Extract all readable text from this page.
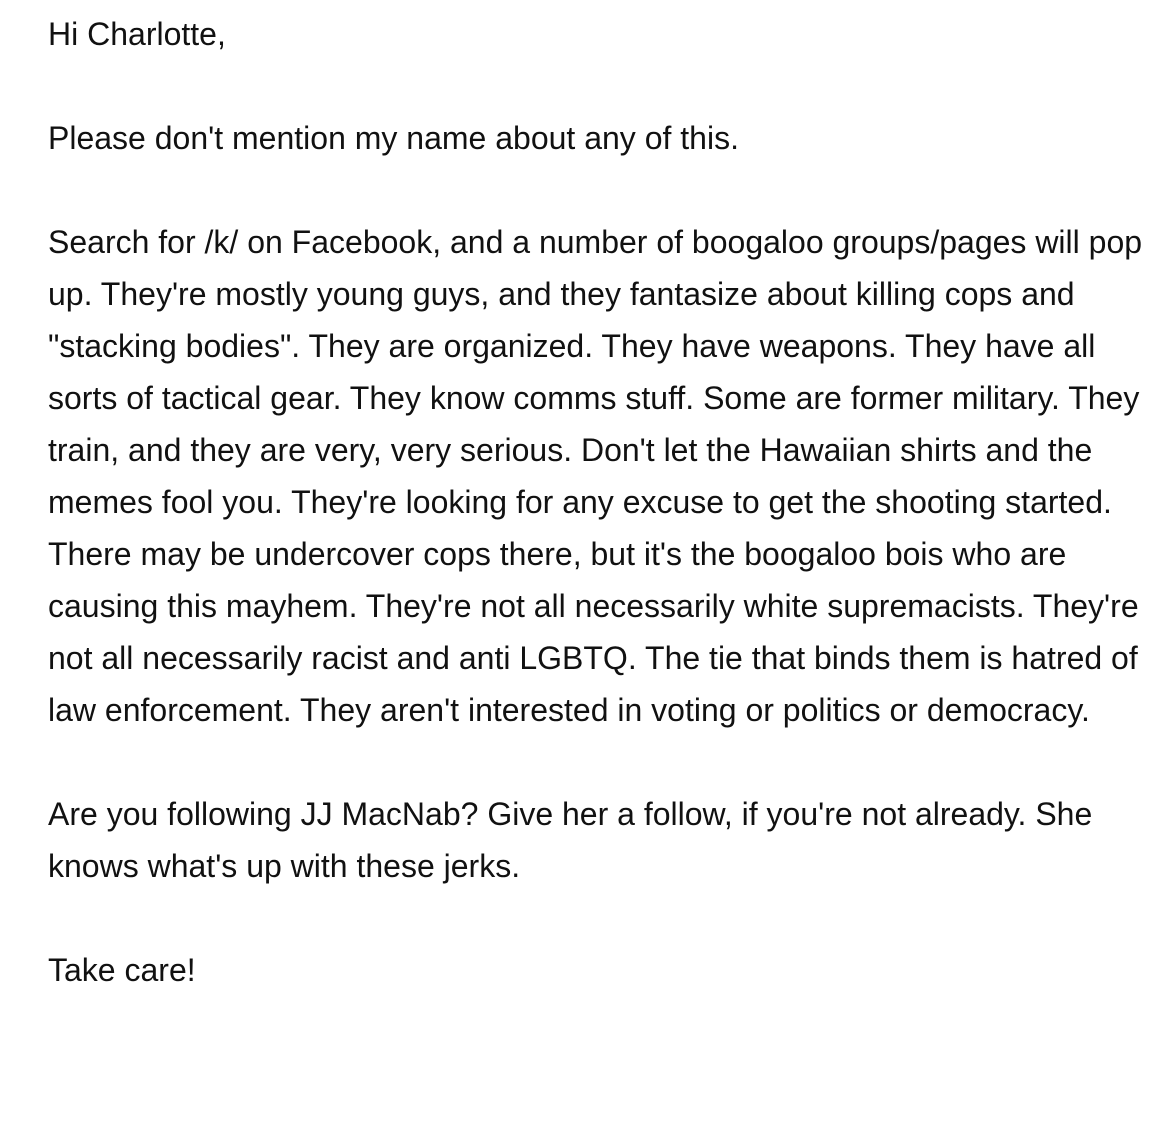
Hi Charlotte,

Please don't mention my name about any of this.

Search for /k/ on Facebook, and a number of boogaloo groups/pages will pop up. They're mostly young guys, and they fantasize about killing cops and "stacking bodies". They are organized. They have weapons. They have all sorts of tactical gear. They know comms stuff. Some are former military. They train, and they are very, very serious. Don't let the Hawaiian shirts and the memes fool you. They're looking for any excuse to get the shooting started. There may be undercover cops there, but it's the boogaloo bois who are causing this mayhem. They're not all necessarily white supremacists. They're not all necessarily racist and anti LGBTQ. The tie that binds them is hatred of law enforcement. They aren't interested in voting or politics or democracy.

Are you following JJ MacNab? Give her a follow, if you're not already. She knows what's up with these jerks.

Take care!
